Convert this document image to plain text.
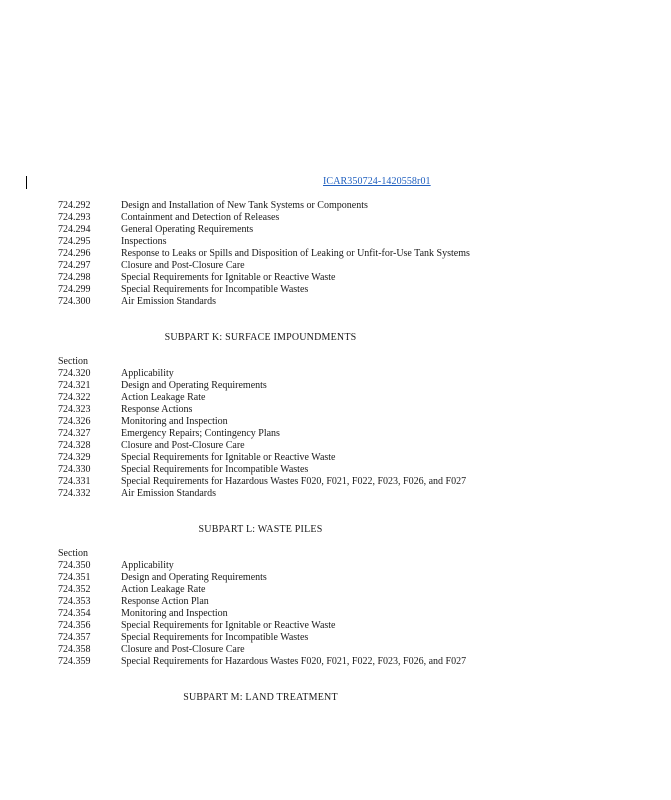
ICAR350724-1420558r01
724.292	Design and Installation of New Tank Systems or Components
724.293	Containment and Detection of Releases
724.294	General Operating Requirements
724.295	Inspections
724.296	Response to Leaks or Spills and Disposition of Leaking or Unfit-for-Use Tank Systems
724.297	Closure and Post-Closure Care
724.298	Special Requirements for Ignitable or Reactive Waste
724.299	Special Requirements for Incompatible Wastes
724.300	Air Emission Standards
SUBPART K: SURFACE IMPOUNDMENTS
Section
724.320	Applicability
724.321	Design and Operating Requirements
724.322	Action Leakage Rate
724.323	Response Actions
724.326	Monitoring and Inspection
724.327	Emergency Repairs; Contingency Plans
724.328	Closure and Post-Closure Care
724.329	Special Requirements for Ignitable or Reactive Waste
724.330	Special Requirements for Incompatible Wastes
724.331	Special Requirements for Hazardous Wastes F020, F021, F022, F023, F026, and F027
724.332	Air Emission Standards
SUBPART L: WASTE PILES
Section
724.350	Applicability
724.351	Design and Operating Requirements
724.352	Action Leakage Rate
724.353	Response Action Plan
724.354	Monitoring and Inspection
724.356	Special Requirements for Ignitable or Reactive Waste
724.357	Special Requirements for Incompatible Wastes
724.358	Closure and Post-Closure Care
724.359	Special Requirements for Hazardous Wastes F020, F021, F022, F023, F026, and F027
SUBPART M: LAND TREATMENT
